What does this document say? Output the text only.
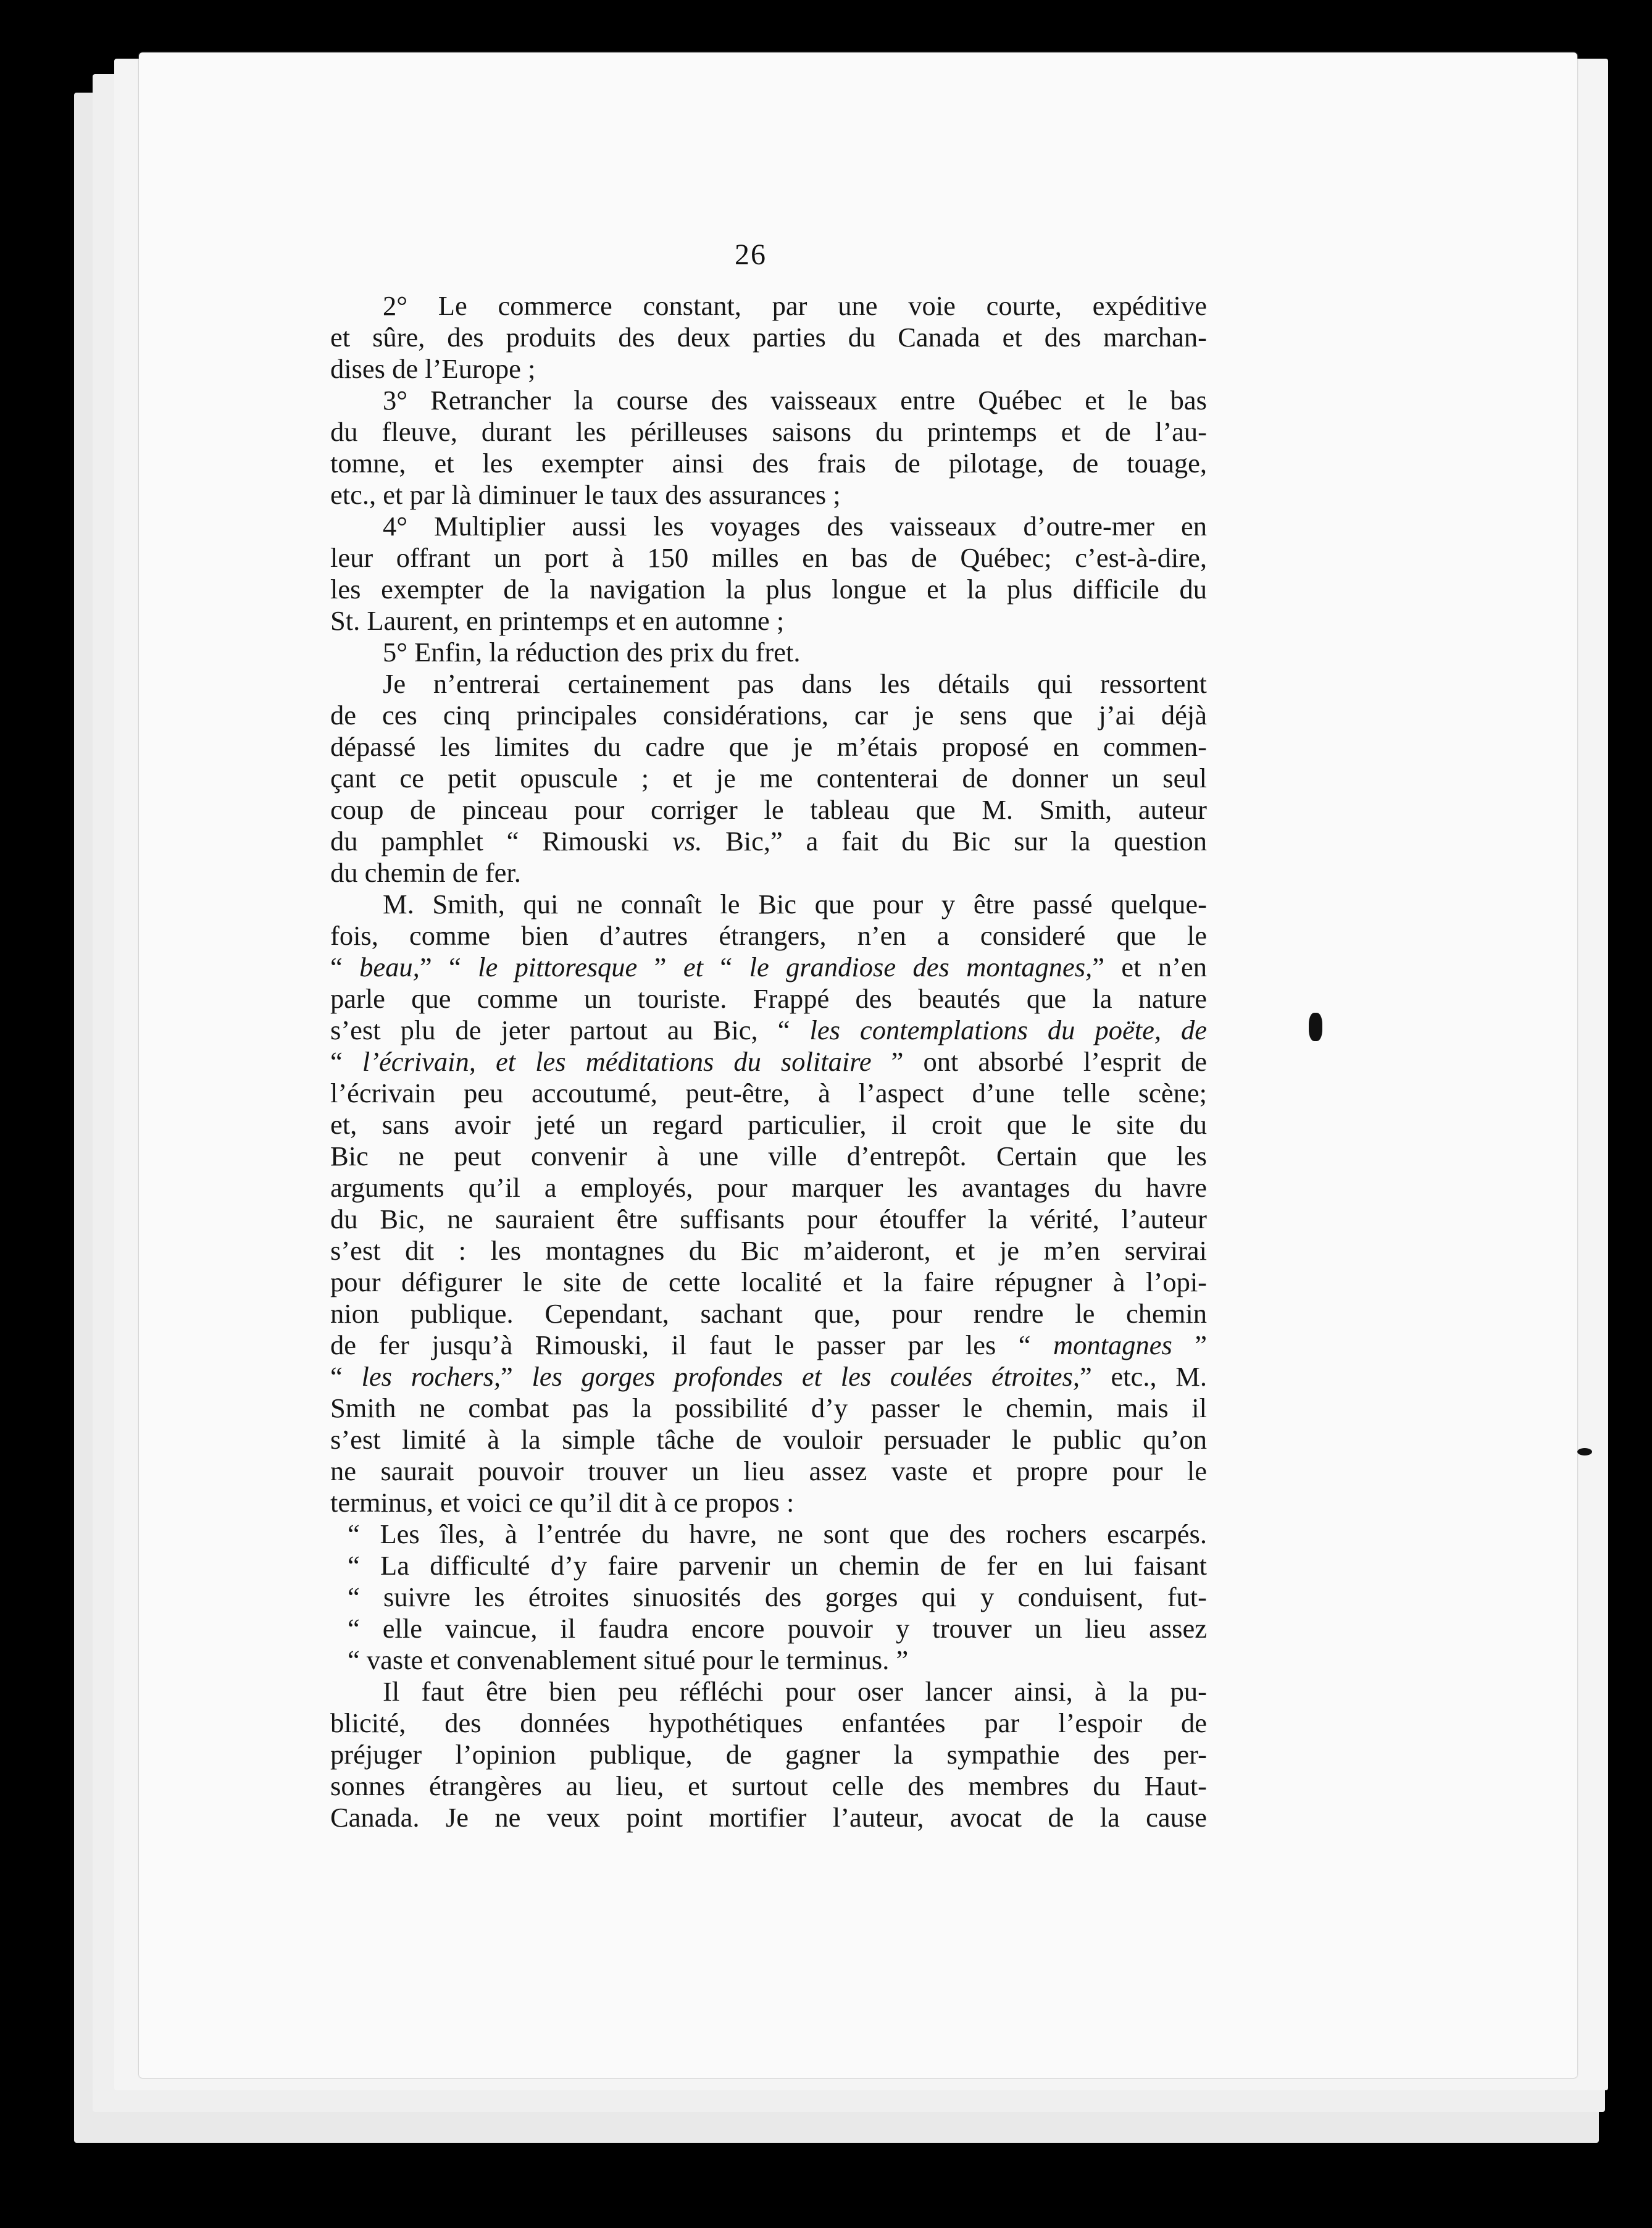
26
2° Le commerce constant, par une voie courte, expéditive
et sûre, des produits des deux parties du Canada et des marchan-
dises de l’Europe ;
3° Retrancher la course des vaisseaux entre Québec et le bas
du fleuve, durant les périlleuses saisons du printemps et de l’au-
tomne, et les exempter ainsi des frais de pilotage, de touage,
etc., et par là diminuer le taux des assurances ;
4° Multiplier aussi les voyages des vaisseaux d’outre-mer en
leur offrant un port à 150 milles en bas de Québec; c’est-à-dire,
les exempter de la navigation la plus longue et la plus difficile du
St. Laurent, en printemps et en automne ;
5° Enfin, la réduction des prix du fret.
Je n’entrerai certainement pas dans les détails qui ressortent
de ces cinq principales considérations, car je sens que j’ai déjà
dépassé les limites du cadre que je m’étais proposé en commen-
çant ce petit opuscule ; et je me contenterai de donner un seul
coup de pinceau pour corriger le tableau que M. Smith, auteur
du pamphlet “ Rimouski vs. Bic,” a fait du Bic sur la question
du chemin de fer.
M. Smith, qui ne connaît le Bic que pour y être passé quelque-
fois, comme bien d’autres étrangers, n’en a consideré que le
“ beau,” “ le pittoresque ” et “ le grandiose des montagnes,” et n’en
parle que comme un touriste. Frappé des beautés que la nature
s’est plu de jeter partout au Bic, “ les contemplations du poëte, de
“ l’écrivain, et les méditations du solitaire ” ont absorbé l’esprit de
l’écrivain peu accoutumé, peut-être, à l’aspect d’une telle scène;
et, sans avoir jeté un regard particulier, il croit que le site du
Bic ne peut convenir à une ville d’entrepôt. Certain que les
arguments qu’il a employés, pour marquer les avantages du havre
du Bic, ne sauraient être suffisants pour étouffer la vérité, l’auteur
s’est dit : les montagnes du Bic m’aideront, et je m’en servirai
pour défigurer le site de cette localité et la faire répugner à l’opi-
nion publique. Cependant, sachant que, pour rendre le chemin
de fer jusqu’à Rimouski, il faut le passer par les “ montagnes ”
“ les rochers,” les gorges profondes et les coulées étroites,” etc., M.
Smith ne combat pas la possibilité d’y passer le chemin, mais il
s’est limité à la simple tâche de vouloir persuader le public qu’on
ne saurait pouvoir trouver un lieu assez vaste et propre pour le
terminus, et voici ce qu’il dit à ce propos :
“ Les îles, à l’entrée du havre, ne sont que des rochers escarpés.
“ La difficulté d’y faire parvenir un chemin de fer en lui faisant
“ suivre les étroites sinuosités des gorges qui y conduisent, fut-
“ elle vaincue, il faudra encore pouvoir y trouver un lieu assez
“ vaste et convenablement situé pour le terminus. ”
Il faut être bien peu réfléchi pour oser lancer ainsi, à la pu-
blicité, des données hypothétiques enfantées par l’espoir de
préjuger l’opinion publique, de gagner la sympathie des per-
sonnes étrangères au lieu, et surtout celle des membres du Haut-
Canada. Je ne veux point mortifier l’auteur, avocat de la cause
